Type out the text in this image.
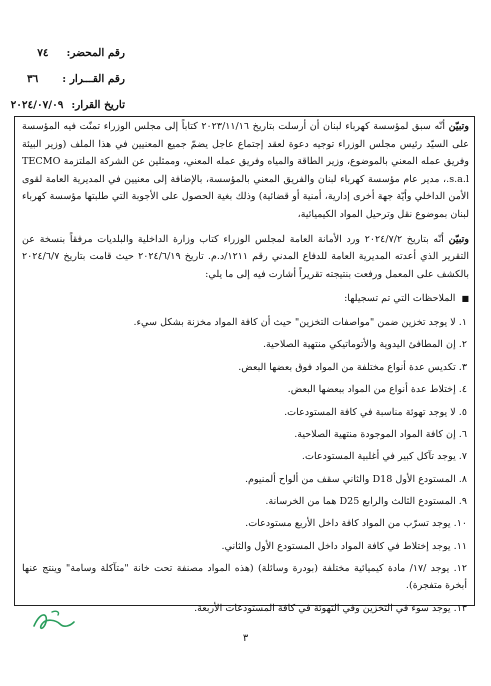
رقم المحضر:
٧٤
رقم القـــرار :
٣٦
تاريخ القرار:
٢٠٢٤/٠٧/٠٩

وتبيّن أنّه سبق لمؤسسة كهرباء لبنان أن أرسلت بتاريخ ٢٠٢٣/١١/١٦ كتاباً إلى مجلس الوزراء تمنّت فيه المؤسسة على السيّد رئيس مجلس الوزراء توجيه دعوة لعقد إجتماع عاجل يضمّ جميع المعنيين في هذا الملف (وزير البيئة وفريق عمله المعني بالموضوع، وزير الطاقة والمياه وفريق عمله المعني، وممثلين عن الشركة الملتزمة TECMO s.a.l.، مدير عام مؤسسة كهرباء لبنان والفريق المعني بالمؤسسة، بالإضافة إلى معنيين في المديرية العامة لقوى الأمن الداخلي وأيّة جهة أخرى إدارية، أمنية أو قضائية) وذلك بغية الحصول على الأجوبة التي طلبتها مؤسسة كهرباء لبنان بموضوع نقل وترحيل المواد الكيميائية،

وتبيّن أنّه بتاريخ ٢٠٢٤/٧/٢ ورد الأمانة العامة لمجلس الوزراء كتاب وزارة الداخلية والبلديات مرفقاً بنسخة عن التقرير الذي أعدته المديرية العامة للدفاع المدني رقم ١٢١١/د.م. تاريخ ٢٠٢٤/٦/١٩ حيث قامت بتاريخ ٢٠٢٤/٦/٧ بالكشف على المعمل ورفعت بنتيجته تقريراً أشارت فيه إلى ما يلي:

■الملاحظات التي تم تسجيلها:
١. لا يوجد تخزين ضمن "مواصفات التخزين" حيث أن كافة المواد مخزنة بشكل سيء.
٢. إن المطافئ اليدوية والأتوماتيكي منتهية الصلاحية.
٣. تكديس عدة أنواع مختلفة من المواد فوق بعضها البعض.
٤. إختلاط عدة أنواع من المواد ببعضها البعض.
٥. لا يوجد تهوئة مناسبة في كافة المستودعات.
٦. إن كافة المواد الموجودة منتهية الصلاحية.
٧. يوجد تآكل كبير في أغلبية المستودعات.
٨. المستودع الأول D18 والثاني سقف من ألواح ألمنيوم.
٩. المستودع الثالث والرابع D25 هما من الخرسانة.
١٠. يوجد تسرّب من المواد كافة داخل الأربع مستودعات.
١١. يوجد إختلاط في كافة المواد داخل المستودع الأول والثاني.
١٢. يوجد /١٧/ مادة كيميائية مختلفة (بودرة وسائلة) (هذه المواد مصنفة تحت خانة "متآكلة وسامة" وينتج عنها أبخرة متفجرة).
١٣. يوجد سوء في التخزين وفي التهوئة في كافة المستودعات الأربعة.
٣
